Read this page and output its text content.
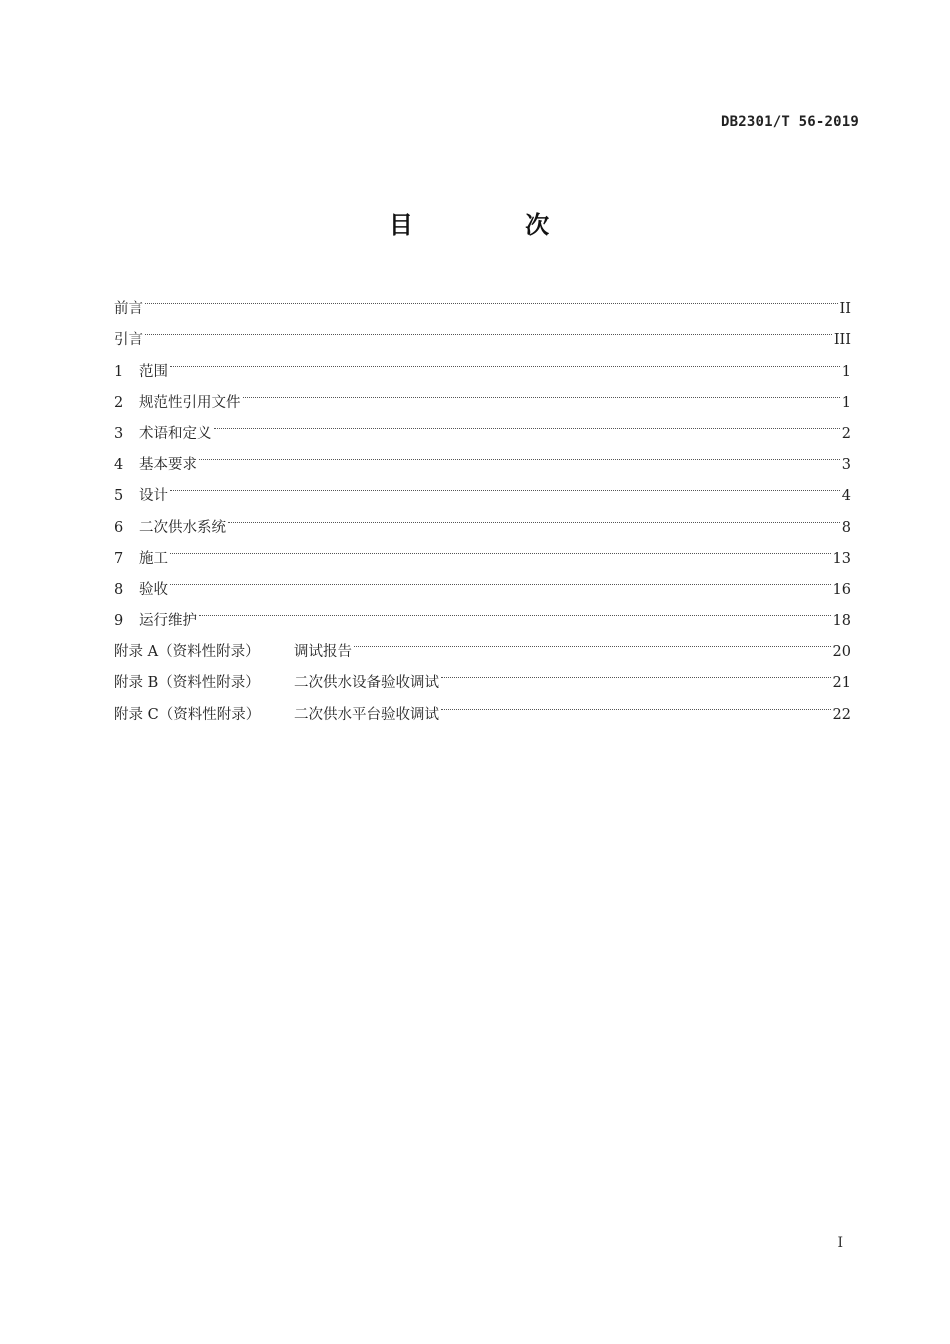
DB2301/T 56-2019
目 次
前言	II
引言	III
1	范围	1
2	规范性引用文件	1
3	术语和定义	2
4	基本要求	3
5	设计	4
6	二次供水系统	8
7	施工	13
8	验收	16
9	运行维护	18
附录 A（资料性附录）	调试报告	20
附录 B（资料性附录）	二次供水设备验收调试	21
附录 C（资料性附录）	二次供水平台验收调试	22
I
